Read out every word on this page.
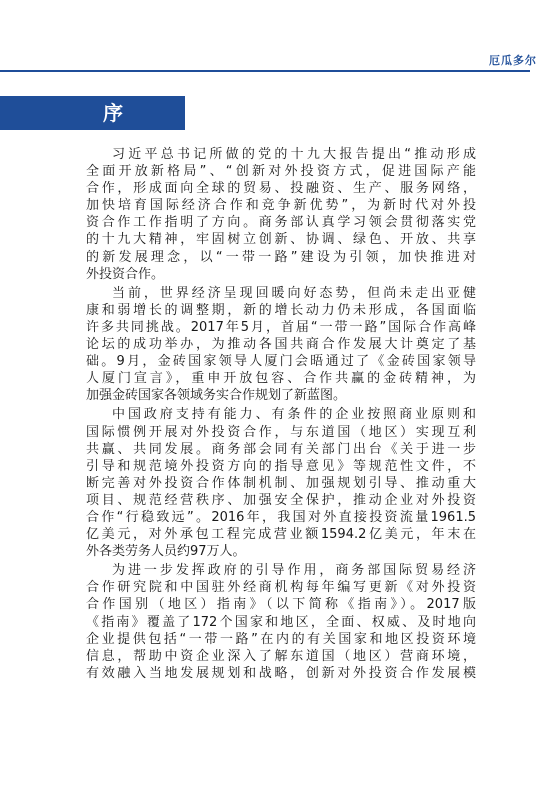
厄瓜多尔
序

习近平总书记所做的党的十九大报告提出“推动形成
全面开放新格局”、“创新对外投资方式，促进国际产能
合作，形成面向全球的贸易、投融资、生产、服务网络，
加快培育国际经济合作和竞争新优势”，为新时代对外投
资合作工作指明了方向。商务部认真学习领会贯彻落实党
的十九大精神，牢固树立创新、协调、绿色、开放、共享
的新发展理念，以“一带一路”建设为引领，加快推进对
外投资合作。

当前，世界经济呈现回暖向好态势，但尚未走出亚健
康和弱增长的调整期，新的增长动力仍未形成，各国面临
许多共同挑战。2017年5月，首届“一带一路”国际合作高峰
论坛的成功举办，为推动各国共商合作发展大计奠定了基
础。9月，金砖国家领导人厦门会晤通过了《金砖国家领导
人厦门宣言》，重申开放包容、合作共赢的金砖精神，为
加强金砖国家各领域务实合作规划了新蓝图。

中国政府支持有能力、有条件的企业按照商业原则和
国际惯例开展对外投资合作，与东道国（地区）实现互利
共赢、共同发展。商务部会同有关部门出台《关于进一步
引导和规范境外投资方向的指导意见》等规范性文件，不
断完善对外投资合作体制机制、加强规划引导、推动重大
项目、规范经营秩序、加强安全保护，推动企业对外投资
合作“行稳致远”。2016年，我国对外直接投资流量1961.5
亿美元，对外承包工程完成营业额1594.2亿美元，年末在
外各类劳务人员约97万人。

为进一步发挥政府的引导作用，商务部国际贸易经济
合作研究院和中国驻外经商机构每年编写更新《对外投资
合作国别（地区）指南》（以下简称《指南》）。2017版
《指南》覆盖了172个国家和地区，全面、权威、及时地向
企业提供包括“一带一路”在内的有关国家和地区投资环境
信息，帮助中资企业深入了解东道国（地区）营商环境，
有效融入当地发展规划和战略，创新对外投资合作发展模
